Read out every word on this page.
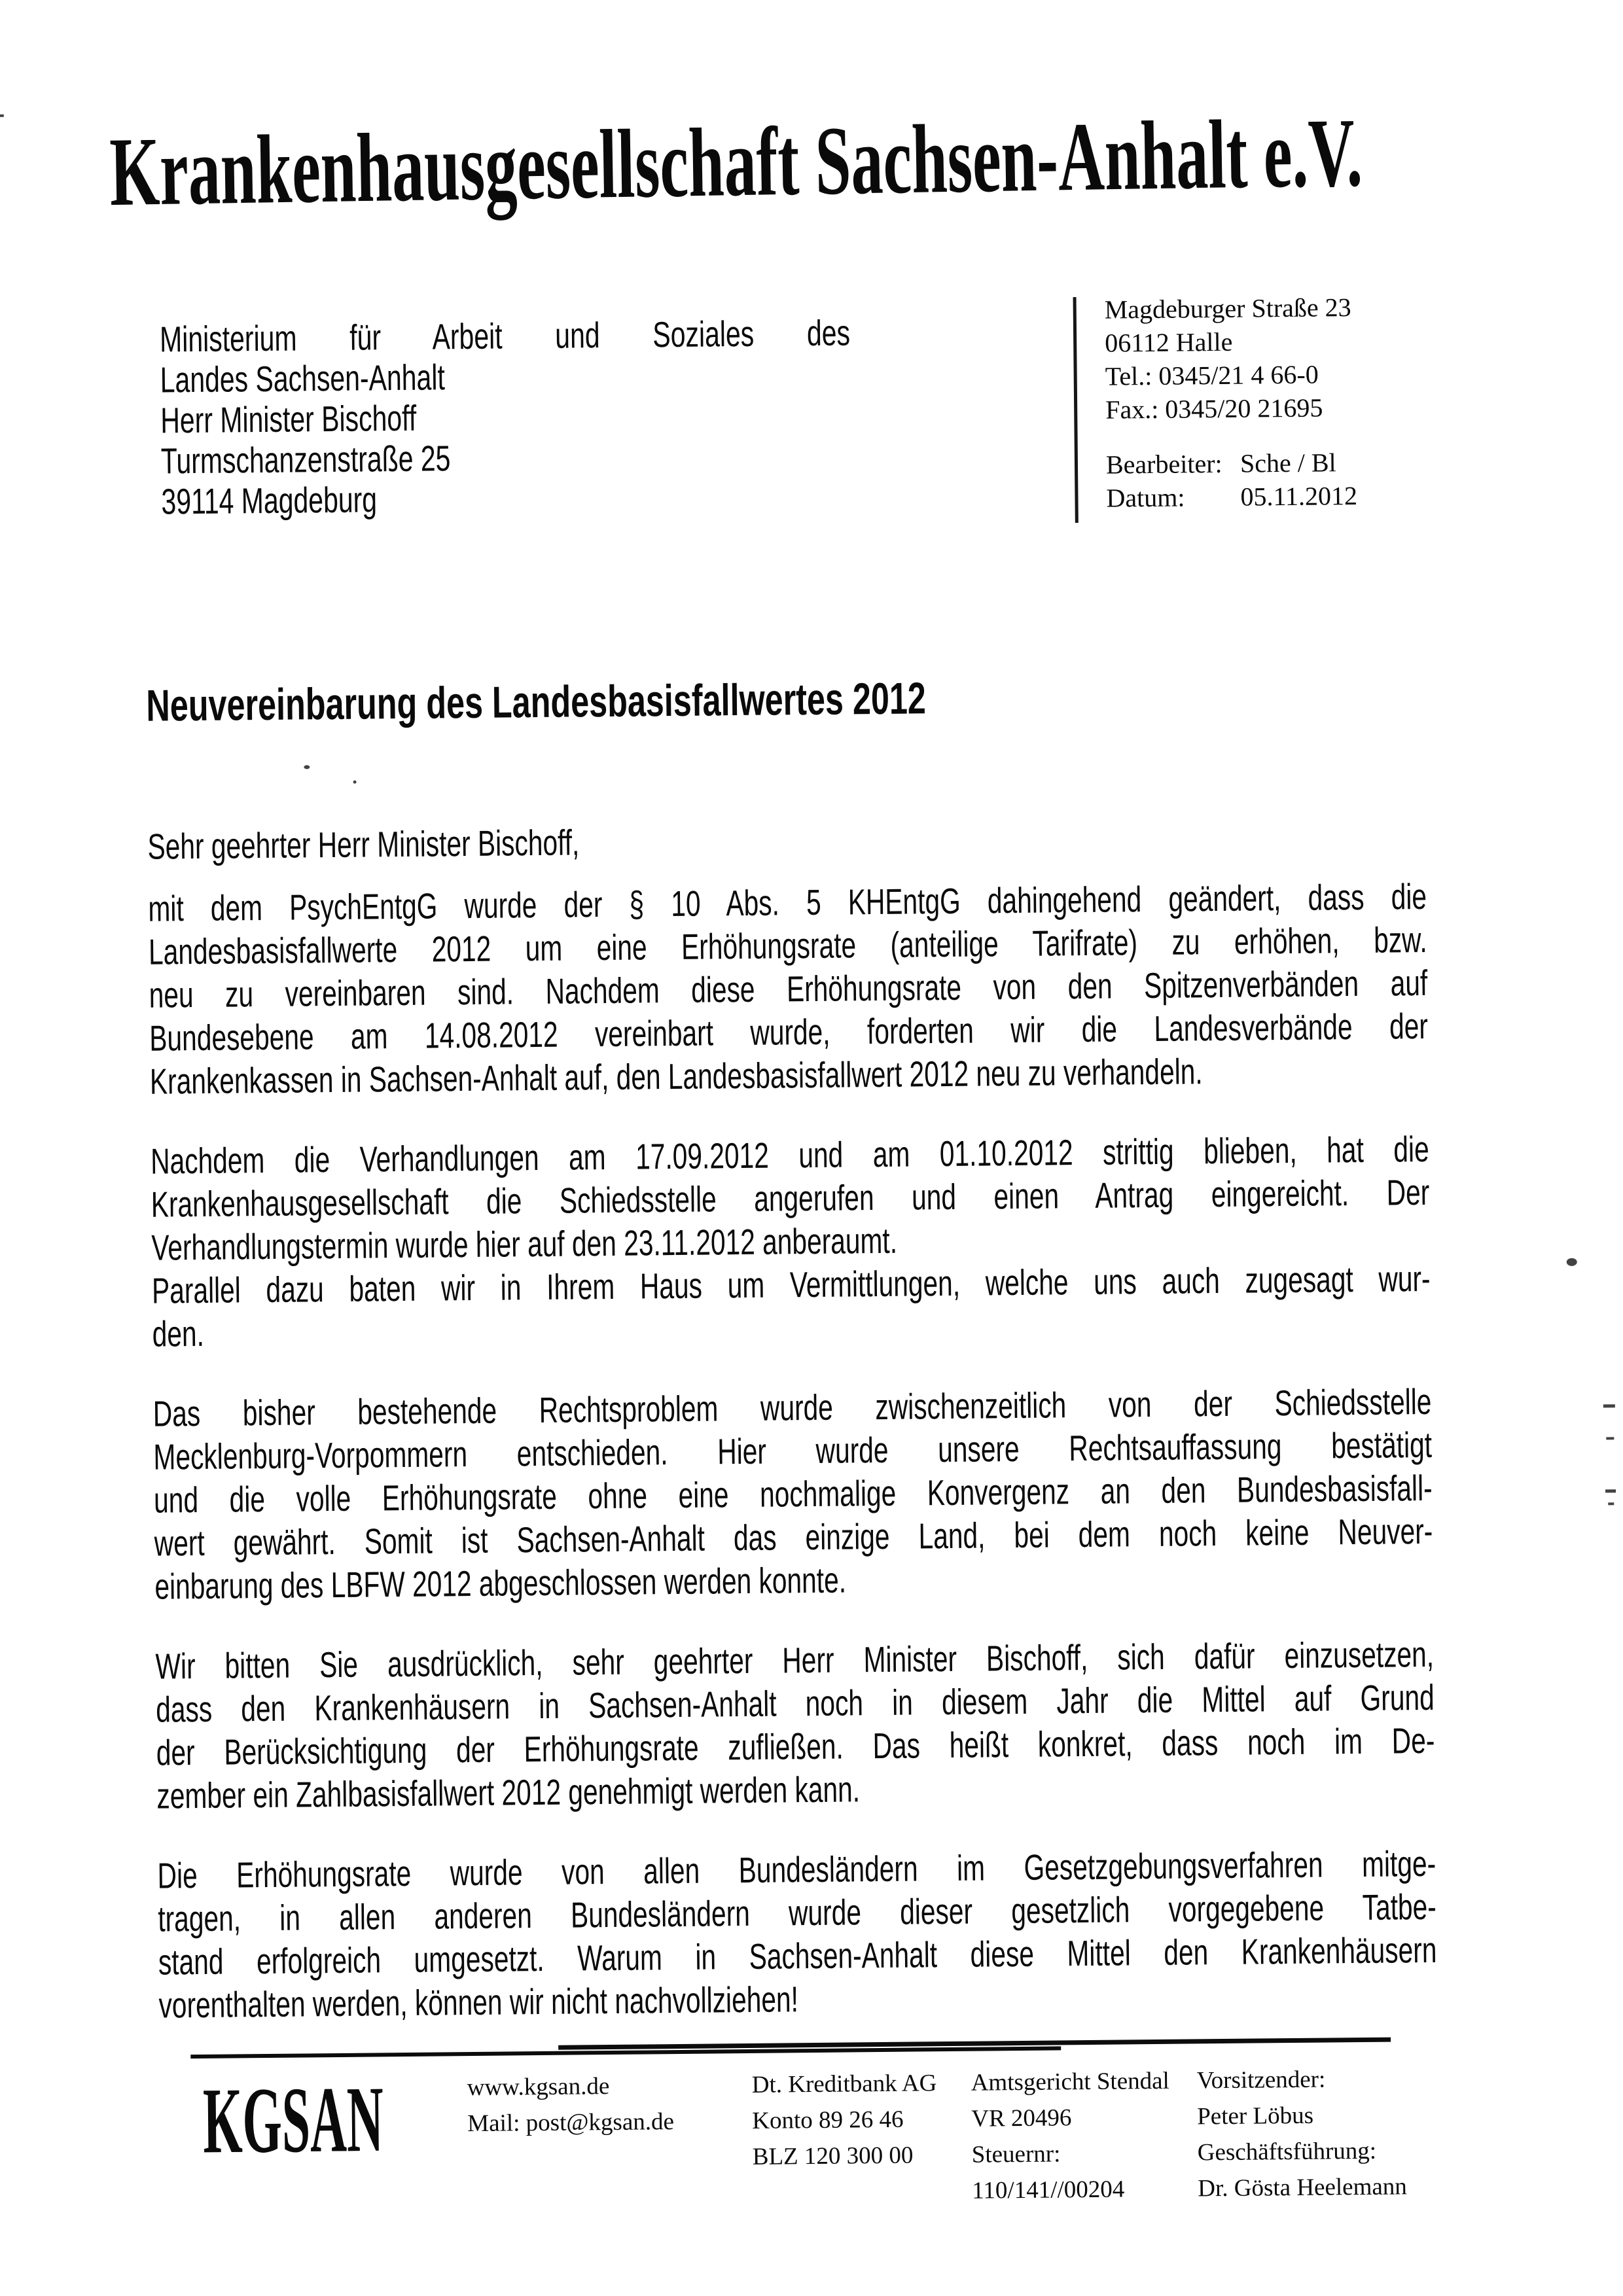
Krankenhausgesellschaft Sachsen-Anhalt e.V.
Ministerium für Arbeit und Soziales des
Landes Sachsen-Anhalt
Herr Minister Bischoff
Turmschanzenstraße 25
39114 Magdeburg
Magdeburger Straße 23
06112 Halle
Tel.: 0345/21 4 66-0
Fax.: 0345/20 21695
Bearbeiter: Sche / Bl
Datum: 05.11.2012
Neuvereinbarung des Landesbasisfallwertes 2012
Sehr geehrter Herr Minister Bischoff,
mit dem PsychEntgG wurde der § 10 Abs. 5 KHEntgG dahingehend geändert, dass die
Landesbasisfallwerte 2012 um eine Erhöhungsrate (anteilige Tarifrate) zu erhöhen, bzw.
neu zu vereinbaren sind. Nachdem diese Erhöhungsrate von den Spitzenverbänden auf
Bundesebene am 14.08.2012 vereinbart wurde, forderten wir die Landesverbände der
Krankenkassen in Sachsen-Anhalt auf, den Landesbasisfallwert 2012 neu zu verhandeln.
Nachdem die Verhandlungen am 17.09.2012 und am 01.10.2012 strittig blieben, hat die
Krankenhausgesellschaft die Schiedsstelle angerufen und einen Antrag eingereicht. Der
Verhandlungstermin wurde hier auf den 23.11.2012 anberaumt.
Parallel dazu baten wir in Ihrem Haus um Vermittlungen, welche uns auch zugesagt wur-
den.
Das bisher bestehende Rechtsproblem wurde zwischenzeitlich von der Schiedsstelle
Mecklenburg-Vorpommern entschieden. Hier wurde unsere Rechtsauffassung bestätigt
und die volle Erhöhungsrate ohne eine nochmalige Konvergenz an den Bundesbasisfall-
wert gewährt. Somit ist Sachsen-Anhalt das einzige Land, bei dem noch keine Neuver-
einbarung des LBFW 2012 abgeschlossen werden konnte.
Wir bitten Sie ausdrücklich, sehr geehrter Herr Minister Bischoff, sich dafür einzusetzen,
dass den Krankenhäusern in Sachsen-Anhalt noch in diesem Jahr die Mittel auf Grund
der Berücksichtigung der Erhöhungsrate zufließen. Das heißt konkret, dass noch im De-
zember ein Zahlbasisfallwert 2012 genehmigt werden kann.
Die Erhöhungsrate wurde von allen Bundesländern im Gesetzgebungsverfahren mitge-
tragen, in allen anderen Bundesländern wurde dieser gesetzlich vorgegebene Tatbe-
stand erfolgreich umgesetzt. Warum in Sachsen-Anhalt diese Mittel den Krankenhäusern
vorenthalten werden, können wir nicht nachvollziehen!
KGSAN	www.kgsan.de
Mail: post@kgsan.de
Dt. Kreditbank AG
Konto 89 26 46
BLZ 120 300 00
Amtsgericht Stendal
VR 20496
Steuernr:
110/141//00204
Vorsitzender:
Peter Löbus
Geschäftsführung:
Dr. Gösta Heelemann
